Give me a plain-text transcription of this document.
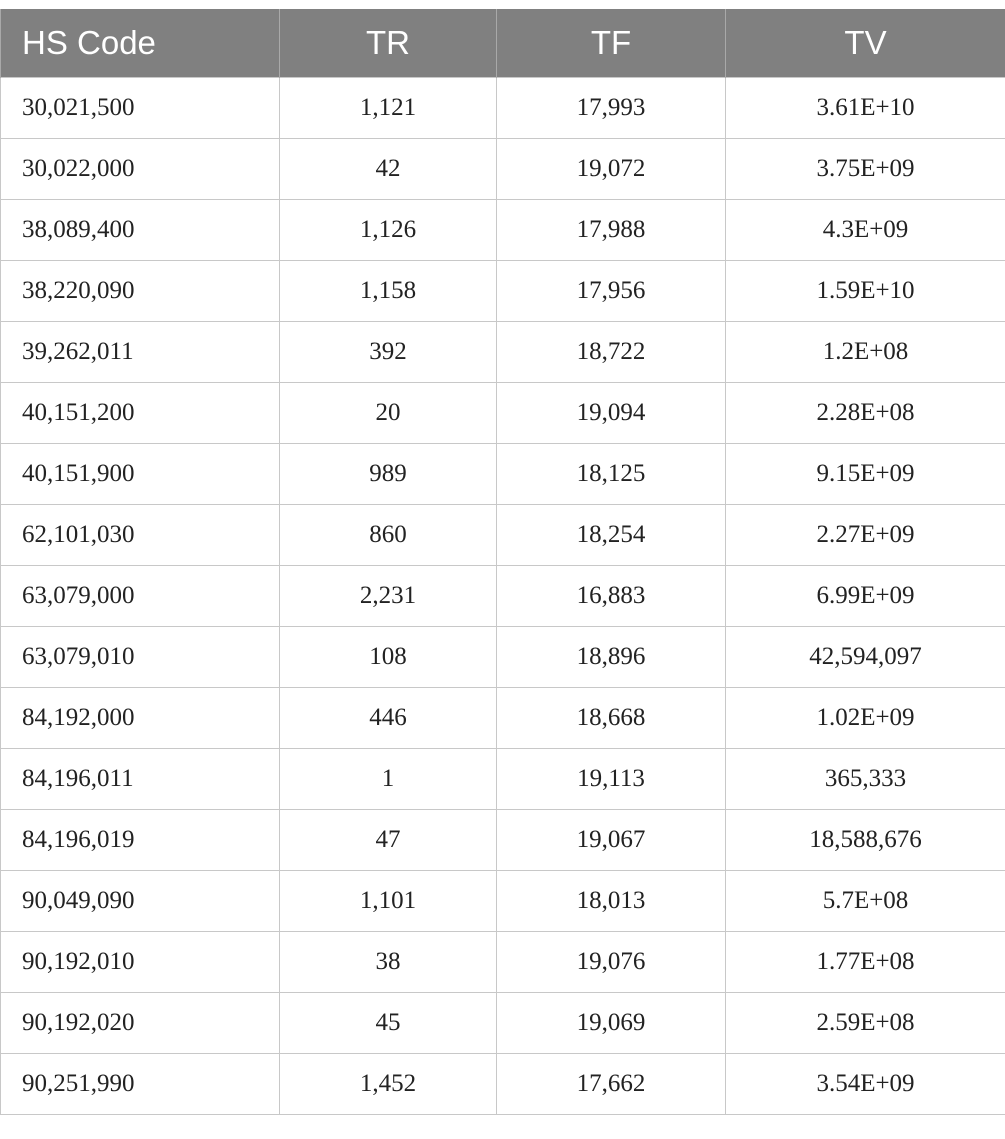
HS Code	TR	TF	TV
30,021,500	1,121	17,993	3.61E+10
30,022,000	42	19,072	3.75E+09
38,089,400	1,126	17,988	4.3E+09
38,220,090	1,158	17,956	1.59E+10
39,262,011	392	18,722	1.2E+08
40,151,200	20	19,094	2.28E+08
40,151,900	989	18,125	9.15E+09
62,101,030	860	18,254	2.27E+09
63,079,000	2,231	16,883	6.99E+09
63,079,010	108	18,896	42,594,097
84,192,000	446	18,668	1.02E+09
84,196,011	1	19,113	365,333
84,196,019	47	19,067	18,588,676
90,049,090	1,101	18,013	5.7E+08
90,192,010	38	19,076	1.77E+08
90,192,020	45	19,069	2.59E+08
90,251,990	1,452	17,662	3.54E+09
